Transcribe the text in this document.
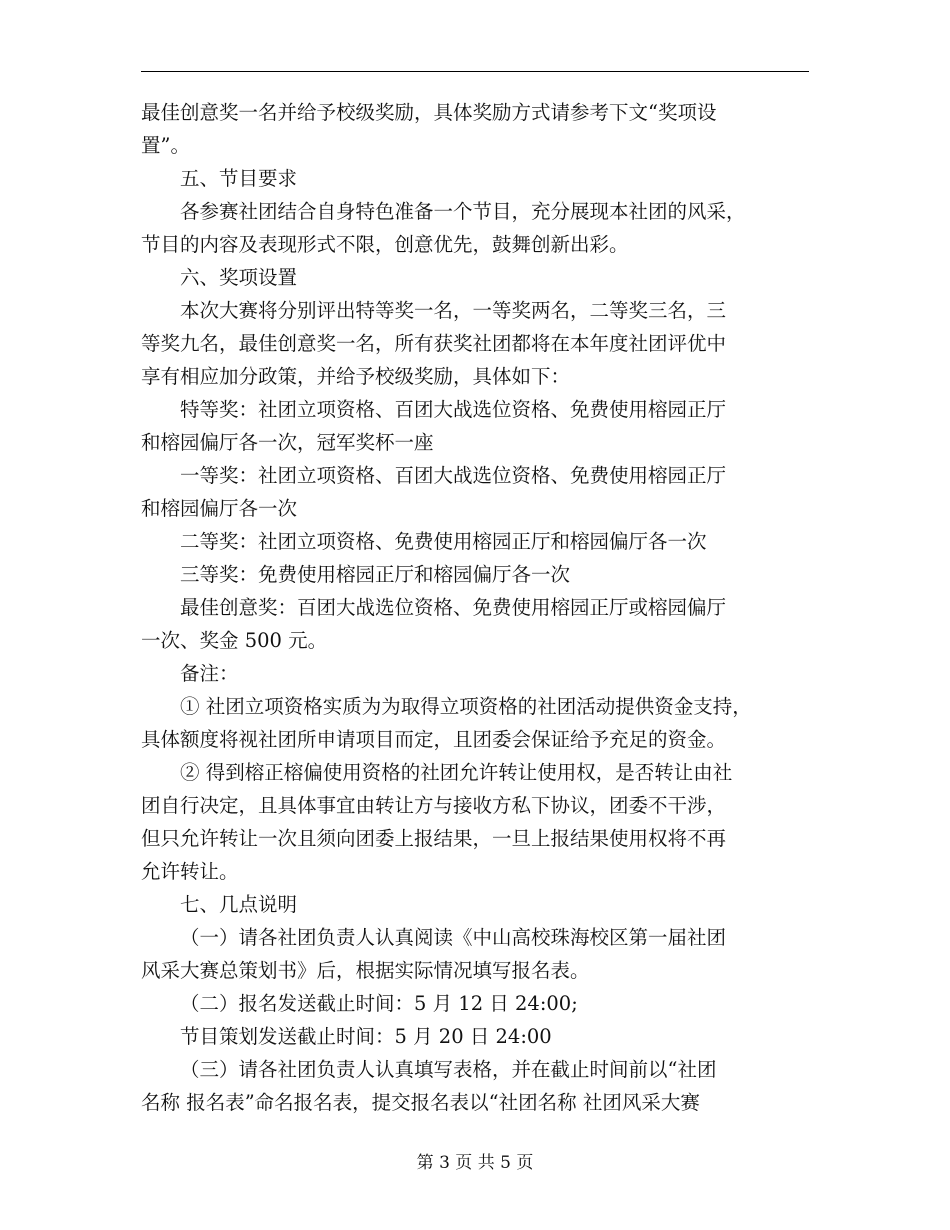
最佳创意奖一名并给予校级奖励，具体奖励方式请参考下文“奖项设
置”。
五、节目要求
各参赛社团结合自身特色准备一个节目，充分展现本社团的风采，
节目的内容及表现形式不限，创意优先，鼓舞创新出彩。
六、奖项设置
本次大赛将分别评出特等奖一名，一等奖两名，二等奖三名，三
等奖九名，最佳创意奖一名，所有获奖社团都将在本年度社团评优中
享有相应加分政策，并给予校级奖励，具体如下：
特等奖：社团立项资格、百团大战选位资格、免费使用榕园正厅
和榕园偏厅各一次，冠军奖杯一座
一等奖：社团立项资格、百团大战选位资格、免费使用榕园正厅
和榕园偏厅各一次
二等奖：社团立项资格、免费使用榕园正厅和榕园偏厅各一次
三等奖：免费使用榕园正厅和榕园偏厅各一次
最佳创意奖：百团大战选位资格、免费使用榕园正厅或榕园偏厅
一次、奖金 500 元。
备注：
① 社团立项资格实质为为取得立项资格的社团活动提供资金支持，
具体额度将视社团所申请项目而定，且团委会保证给予充足的资金。
② 得到榕正榕偏使用资格的社团允许转让使用权，是否转让由社
团自行决定，且具体事宜由转让方与接收方私下协议，团委不干涉，
但只允许转让一次且须向团委上报结果，一旦上报结果使用权将不再
允许转让。
七、几点说明
（一）请各社团负责人认真阅读《中山高校珠海校区第一届社团
风采大赛总策划书》后，根据实际情况填写报名表。
（二）报名发送截止时间：5 月 12 日 24:00;
节目策划发送截止时间：5 月 20 日 24:00
（三）请各社团负责人认真填写表格，并在截止时间前以“社团
名称 报名表”命名报名表，提交报名表以“社团名称 社团风采大赛
第 3 页 共 5 页
